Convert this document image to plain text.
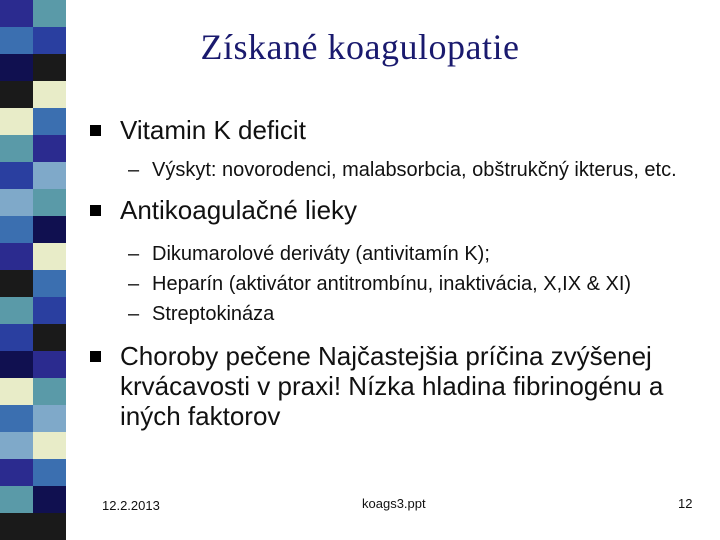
Získané koagulopatie
Vitamin K deficit
– Výskyt: novorodenci, malabsorbcia, obštrukčný ikterus, etc.
Antikoagulačné lieky
– Dikumarolové deriváty (antivitamín K);
– Heparín (aktivátor antitrombínu, inaktivácia, X,IX & XI)
– Streptokináza
Choroby pečene Najčastejšia príčina zvýšenej krvácavosti v praxi! Nízka hladina fibrinogénu a iných faktorov
12.2.2013	koags3.ppt	12
